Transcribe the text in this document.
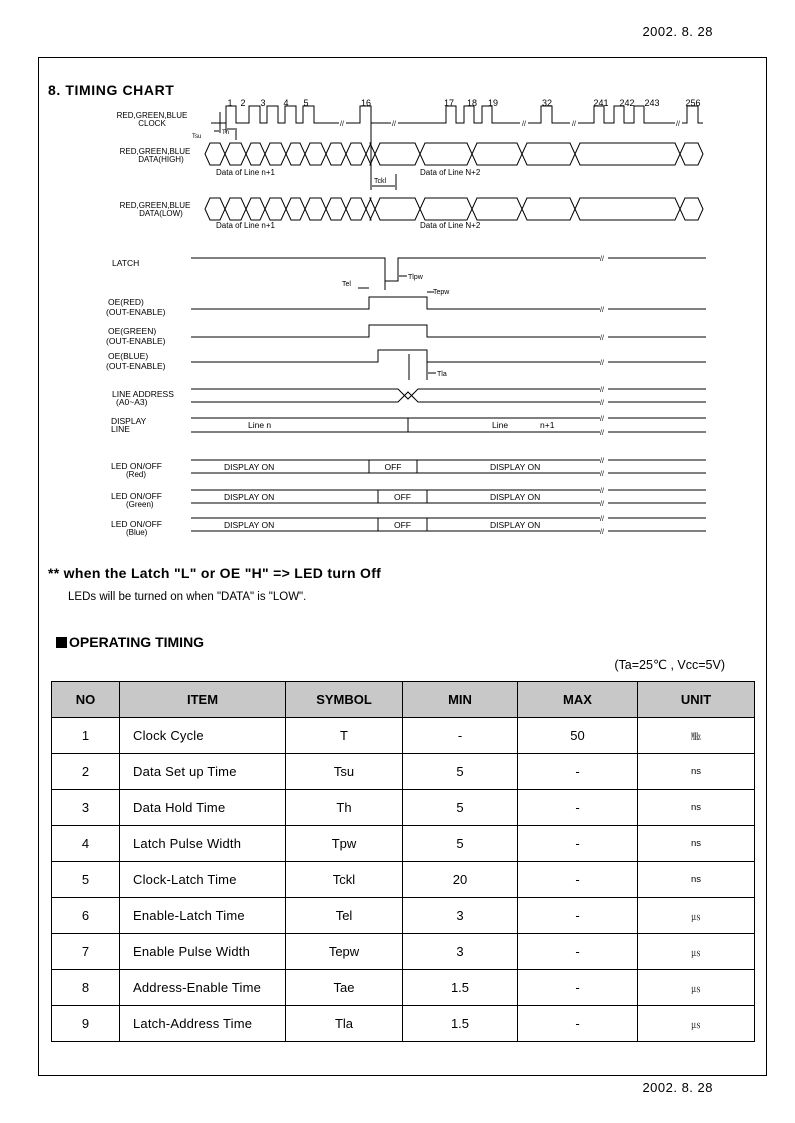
2002. 8. 28
8. TIMING CHART
RED,GREEN,BLUE
CLOCK
RED,GREEN,BLUE
DATA(HIGH)
RED,GREEN,BLUE
DATA(LOW)
LATCH
OE(RED)
(OUT-ENABLE)
OE(GREEN)
(OUT-ENABLE)
OE(BLUE)
(OUT-ENABLE)
LINE ADDRESS
(A0~A3)
DISPLAY
LINE
LED ON/OFF
(Red)
LED ON/OFF
(Green)
LED ON/OFF
(Blue)
//	//	//	//	//
1 2 3 4 5	16	17 18 19	32	241 242 243	256
Tsu
Th
Data of Line n+1	Data of Line N+2
Data of Line n+1	Data of Line N+2
Tckl
//
Tlpw
Tel
Tepw
//
//
//
Tla
//
//
//
//
Line n	Line	n+1
//
//
DISPLAY ON	OFF	DISPLAY ON
//
//
DISPLAY ON	OFF	DISPLAY ON
//
//
DISPLAY ON	OFF	DISPLAY ON
** when the Latch "L" or OE "H" => LED turn Off
LEDs will be turned on when "DATA" is "LOW".
OPERATING TIMING
(Ta=25℃ , Vcc=5V)
NO	ITEM	SYMBOL	MIN	MAX	UNIT
1	Clock Cycle	T	-	50	㎒
2	Data Set up Time	Tsu	5	-	ns
3	Data Hold Time	Th	5	-	ns
4	Latch Pulse Width	Tpw	5	-	ns
5	Clock-Latch Time	Tckl	20	-	ns
6	Enable-Latch Time	Tel	3	-	㎲
7	Enable Pulse Width	Tepw	3	-	㎲
8	Address-Enable Time	Tae	1.5	-	㎲
9	Latch-Address Time	Tla	1.5	-	㎲
2002. 8. 28
